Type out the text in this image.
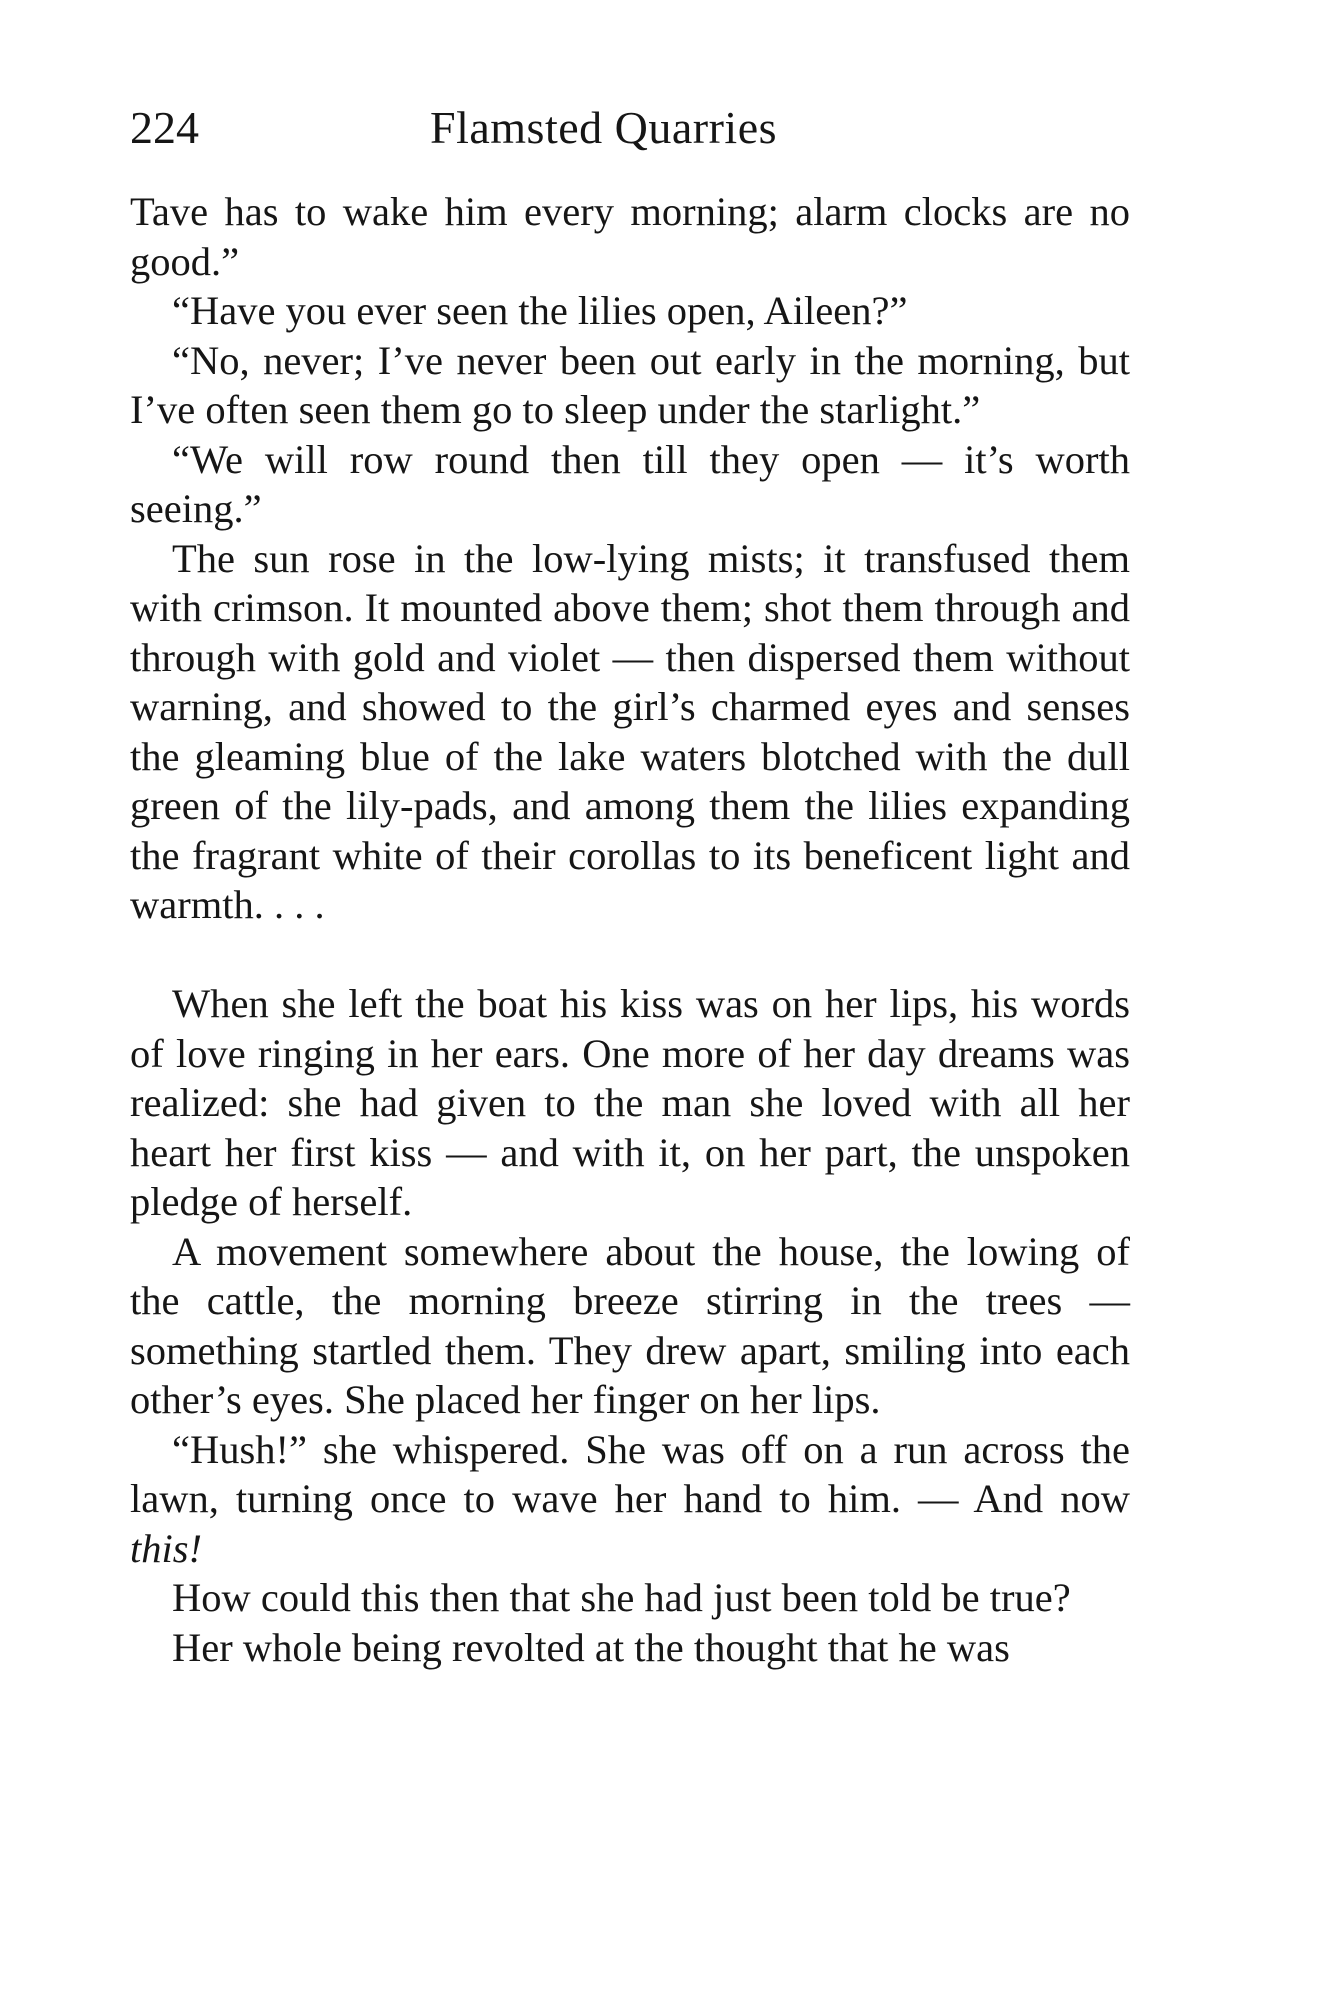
224	Flamsted Quarries

Tave has to wake him every morning; alarm clocks are no good.”

“Have you ever seen the lilies open, Aileen?”

“No, never; I’ve never been out early in the morning, but I’ve often seen them go to sleep under the starlight.”

“We will row round then till they open — it’s worth seeing.”

The sun rose in the low-lying mists; it transfused them with crimson. It mounted above them; shot them through and through with gold and violet — then dispersed them without warning, and showed to the girl’s charmed eyes and senses the gleaming blue of the lake waters blotched with the dull green of the lily-pads, and among them the lilies expanding the fragrant white of their corollas to its beneficent light and warmth. . . .

When she left the boat his kiss was on her lips, his words of love ringing in her ears. One more of her day dreams was realized: she had given to the man she loved with all her heart her first kiss — and with it, on her part, the unspoken pledge of herself.

A movement somewhere about the house, the lowing of the cattle, the morning breeze stirring in the trees — something startled them. They drew apart, smiling into each other’s eyes. She placed her finger on her lips.

“Hush!” she whispered. She was off on a run across the lawn, turning once to wave her hand to him. — And now this!

How could this then that she had just been told be true?

Her whole being revolted at the thought that he was
